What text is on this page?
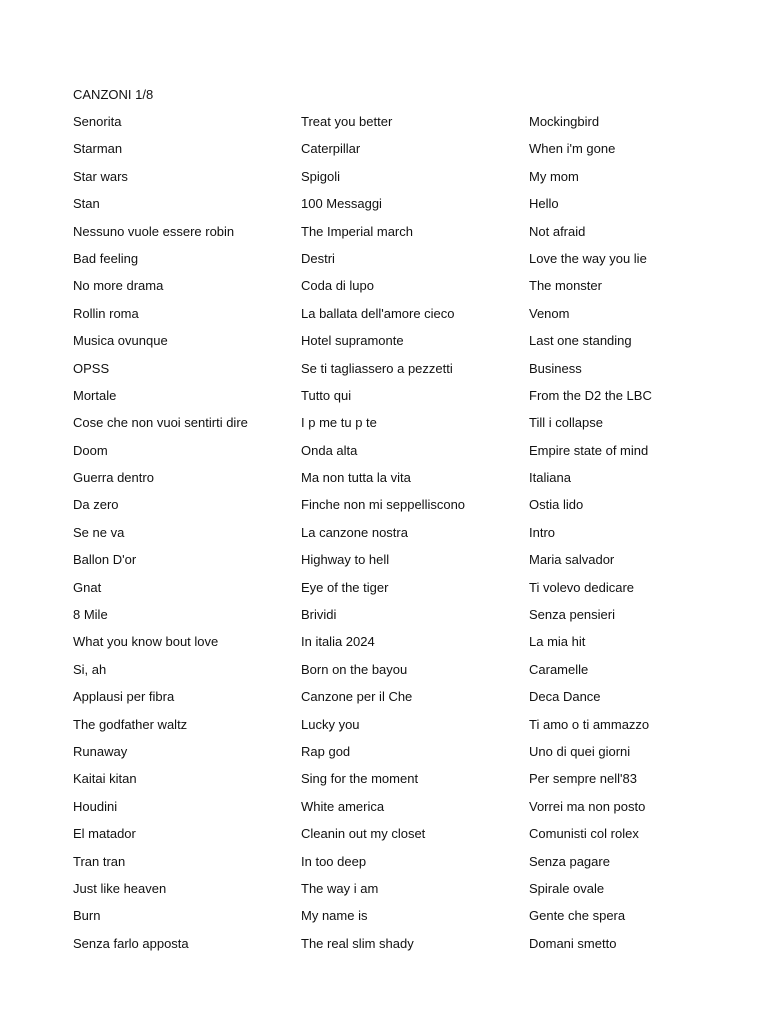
CANZONI 1/8
Senorita
Starman
Star wars
Stan
Nessuno vuole essere robin
Bad feeling
No more drama
Rollin roma
Musica ovunque
OPSS
Mortale
Cose che non vuoi sentirti dire
Doom
Guerra dentro
Da zero
Se ne va
Ballon D'or
Gnat
8 Mile
What you know bout love
Si, ah
Applausi per fibra
The godfather waltz
Runaway
Kaitai kitan
Houdini
El matador
Tran tran
Just like heaven
Burn
Senza farlo apposta
Treat you better
Caterpillar
Spigoli
100 Messaggi
The Imperial march
Destri
Coda di lupo
La ballata dell'amore cieco
Hotel supramonte
Se ti tagliassero a pezzetti
Tutto qui
I p me tu p te
Onda alta
Ma non tutta la vita
Finche non mi seppelliscono
La canzone nostra
Highway to hell
Eye of the tiger
Brividi
In italia 2024
Born on the bayou
Canzone per il Che
Lucky you
Rap god
Sing for the moment
White america
Cleanin out my closet
In too deep
The way i am
My name is
The real slim shady
Mockingbird
When i'm gone
My mom
Hello
Not afraid
Love the way you lie
The monster
Venom
Last one standing
Business
From the D2 the LBC
Till i collapse
Empire state of mind
Italiana
Ostia lido
Intro
Maria salvador
Ti volevo dedicare
Senza pensieri
La mia hit
Caramelle
Deca Dance
Ti amo o ti ammazzo
Uno di quei giorni
Per sempre nell'83
Vorrei ma non posto
Comunisti col rolex
Senza pagare
Spirale ovale
Gente che spera
Domani smetto
